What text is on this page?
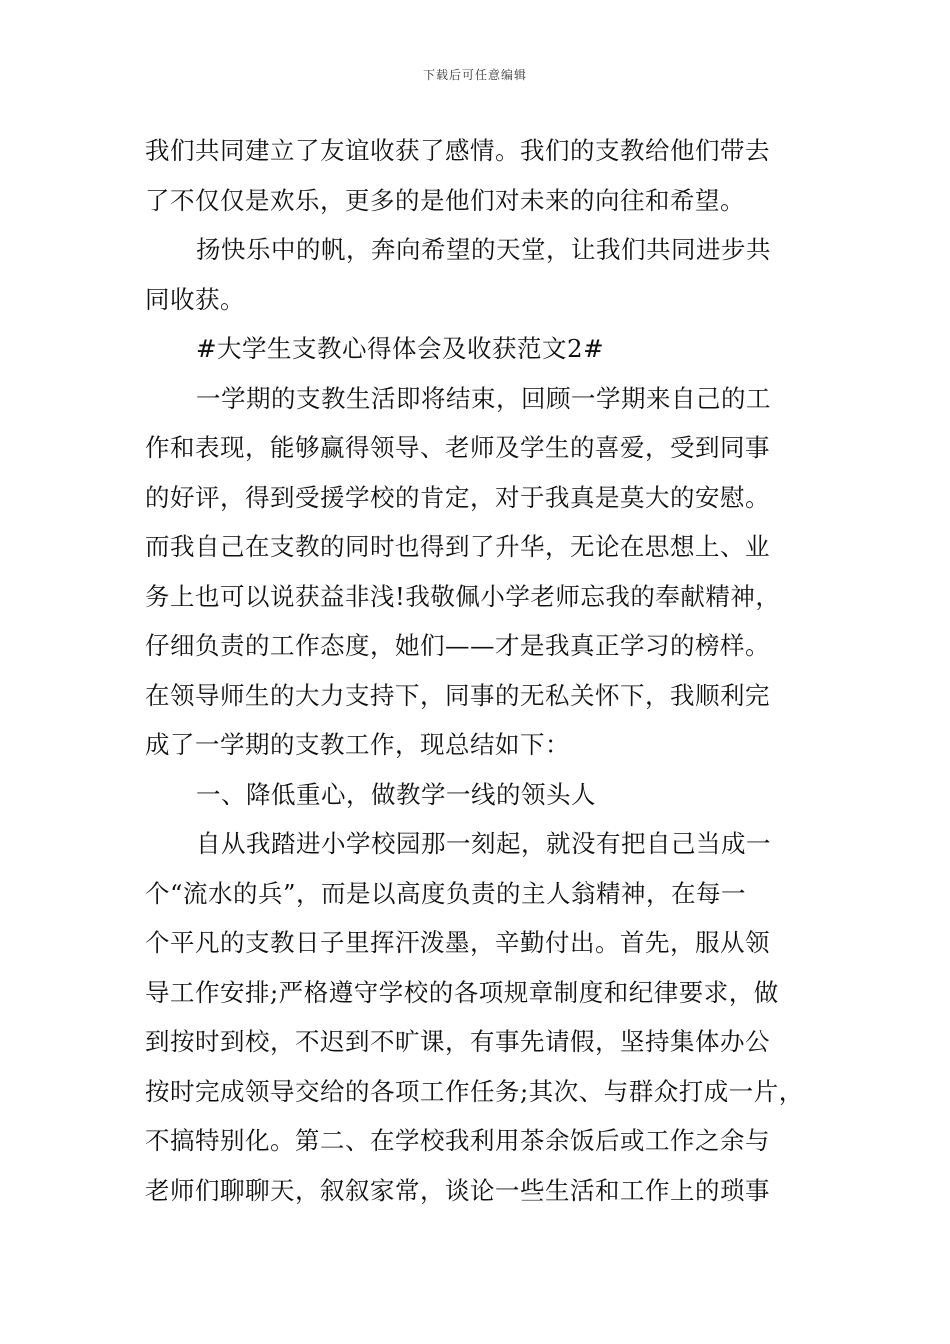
下载后可任意编辑
我们共同建立了友谊收获了感情。我们的支教给他们带去
了不仅仅是欢乐，更多的是他们对未来的向往和希望。
扬快乐中的帆，奔向希望的天堂，让我们共同进步共
同收获。
#大学生支教心得体会及收获范文2#
一学期的支教生活即将结束，回顾一学期来自己的工
作和表现，能够赢得领导、老师及学生的喜爱，受到同事
的好评，得到受援学校的肯定，对于我真是莫大的安慰。
而我自己在支教的同时也得到了升华，无论在思想上、业
务上也可以说获益非浅!我敬佩小学老师忘我的奉献精神，
仔细负责的工作态度，她们——才是我真正学习的榜样。
在领导师生的大力支持下，同事的无私关怀下，我顺利完
成了一学期的支教工作，现总结如下：
一、降低重心，做教学一线的领头人
自从我踏进小学校园那一刻起，就没有把自己当成一
个“流水的兵”，而是以高度负责的主人翁精神，在每一
个平凡的支教日子里挥汗泼墨，辛勤付出。首先，服从领
导工作安排;严格遵守学校的各项规章制度和纪律要求，做
到按时到校，不迟到不旷课，有事先请假，坚持集体办公
按时完成领导交给的各项工作任务;其次、与群众打成一片，
不搞特别化。第二、在学校我利用茶余饭后或工作之余与
老师们聊聊天，叙叙家常，谈论一些生活和工作上的琐事
